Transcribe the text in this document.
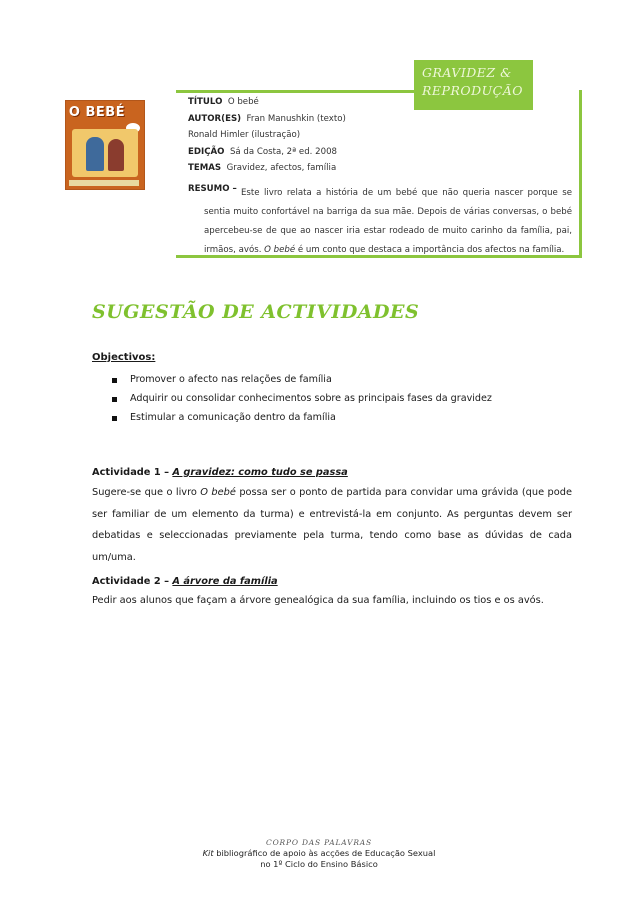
GRAVIDEZ &
REPRODUÇÃO
O BEBÉ
TÍTULO O bebé
AUTOR(ES) Fran Manushkin (texto)
Ronald Himler (ilustração)
EDIÇÃO Sá da Costa, 2ª ed. 2008
TEMAS Gravidez, afectos, família
RESUMO – Este livro relata a história de um bebé que não queria nascer porque se sentia muito confortável na barriga da sua mãe. Depois de várias conversas, o bebé apercebeu-se de que ao nascer iria estar rodeado de muito carinho da família, pai, irmãos, avós. O bebé é um conto que destaca a importância dos afectos na família.
SUGESTÃO DE ACTIVIDADES
Objectivos:
Promover o afecto nas relações de família
Adquirir ou consolidar conhecimentos sobre as principais fases da gravidez
Estimular a comunicação dentro da família
Actividade 1 – A gravidez: como tudo se passa
Sugere-se que o livro O bebé possa ser o ponto de partida para convidar uma grávida (que pode ser familiar de um elemento da turma) e entrevistá-la em conjunto. As perguntas devem ser debatidas e seleccionadas previamente pela turma, tendo como base as dúvidas de cada um/uma.
Actividade 2 – A árvore da família
Pedir aos alunos que façam a árvore genealógica da sua família, incluindo os tios e os avós.
CORPO DAS PALAVRAS
Kit bibliográfico de apoio às acções de Educação Sexual
no 1º Ciclo do Ensino Básico
